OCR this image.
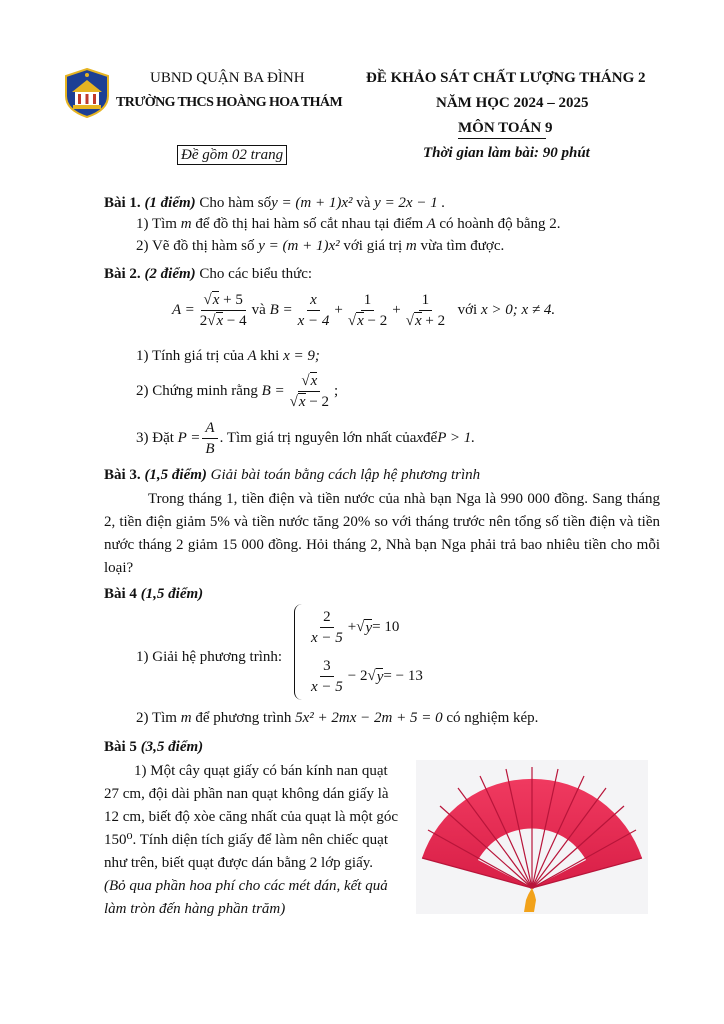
UBND QUẬN BA ĐÌNH
TRƯỜNG THCS HOÀNG HOA THÁM
Đề gồm 02 trang
ĐỀ KHẢO SÁT CHẤT LƯỢNG THÁNG 2
NĂM HỌC 2024 – 2025
MÔN TOÁN 9
Thời gian làm bài: 90 phút
Bài 1. (1 điểm) Cho hàm sốy = (m + 1)x² và y = 2x − 1 .
1) Tìm m để đồ thị hai hàm số cắt nhau tại điểm A có hoành độ bằng 2.
2) Vẽ đồ thị hàm số y = (m + 1)x² với giá trị m vừa tìm được.
Bài 2. (2 điểm) Cho các biểu thức:
$A = \frac{√x + 5}{2√x - 4}$ và
$B = \frac{x}{x - 4} + \frac{1}{√x - 2} + \frac{1}{√x + 2}$
với
x > 0; x ≠ 4.
1) Tính giá trị của A khi x = 9;
2) Chứng minh rằng
$B = \frac{√x}{√x - 2}$ ;
3) Đặt
$P = \frac{A}{B}$ . Tìm giá trị nguyên lớn nhất của x để P > 1.
Bài 3. (1,5 điểm) Giải bài toán bằng cách lập hệ phương trình
Trong tháng 1, tiền điện và tiền nước của nhà bạn Nga là 990 000 đồng. Sang tháng 2, tiền điện giảm 5% và tiền nước tăng 20% so với tháng trước nên tổng số tiền điện và tiền nước tháng 2 giảm 15 000 đồng. Hỏi tháng 2, Nhà bạn Nga phải trả bao nhiêu tiền cho mỗi loại?
Bài 4 (1,5 điểm)
1) Giải hệ phương trình:
$\frac{2}{x - 5}$ + √ y = 10
$\frac{3}{x - 5} - 2$ √ y = − 13
2) Tìm m để phương trình 5x² + 2mx − 2m + 5 = 0 có nghiệm kép.
Bài 5 (3,5 điểm)
1) Một cây quạt giấy có bán kính nan quạt
27 cm, đội dài phần nan quạt không dán giấy là
12 cm, biết độ xòe căng nhất của quạt là một góc
150⁰. Tính diện tích giấy để làm nên chiếc quạt
như trên, biết quạt được dán bằng 2 lớp giấy.
(Bỏ qua phần hoa phí cho các mét dán, kết quả
làm tròn đến hàng phần trăm)
